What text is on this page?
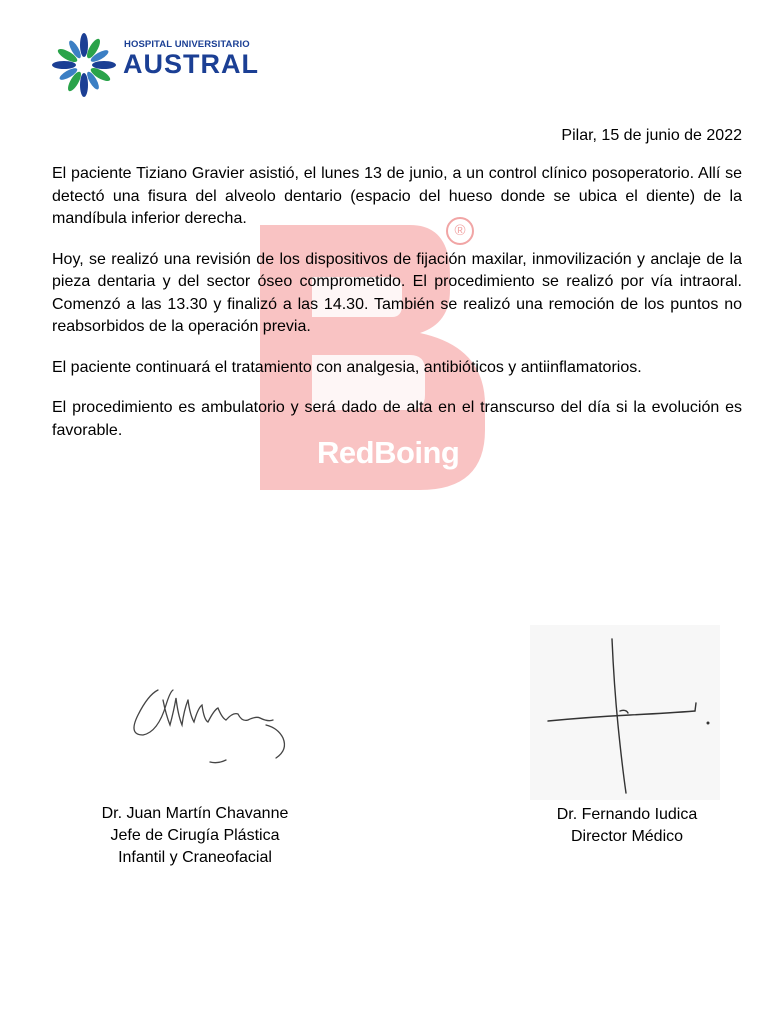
HOSPITAL UNIVERSITARIO
AUSTRAL
®
RedBoing
Pilar, 15 de junio de 2022

El paciente Tiziano Gravier asistió, el lunes 13 de junio, a un control clínico posoperatorio. Allí se detectó una fisura del alveolo dentario (espacio del hueso donde se ubica el diente) de la mandíbula inferior derecha.

Hoy, se realizó una revisión de los dispositivos de fijación maxilar, inmovilización y anclaje de la pieza dentaria y del sector óseo comprometido. El procedimiento se realizó por vía intraoral. Comenzó a las 13.30 y finalizó a las 14.30. También se realizó una remoción de los puntos no reabsorbidos de la operación previa.

El paciente continuará el tratamiento con analgesia, antibióticos y antiinflamatorios.

El procedimiento es ambulatorio y será dado de alta en el transcurso del día si la evolución es favorable.

Dr. Juan Martín Chavanne
Jefe de Cirugía Plástica
Infantil y Craneofacial
Dr. Fernando Iudica
Director Médico
